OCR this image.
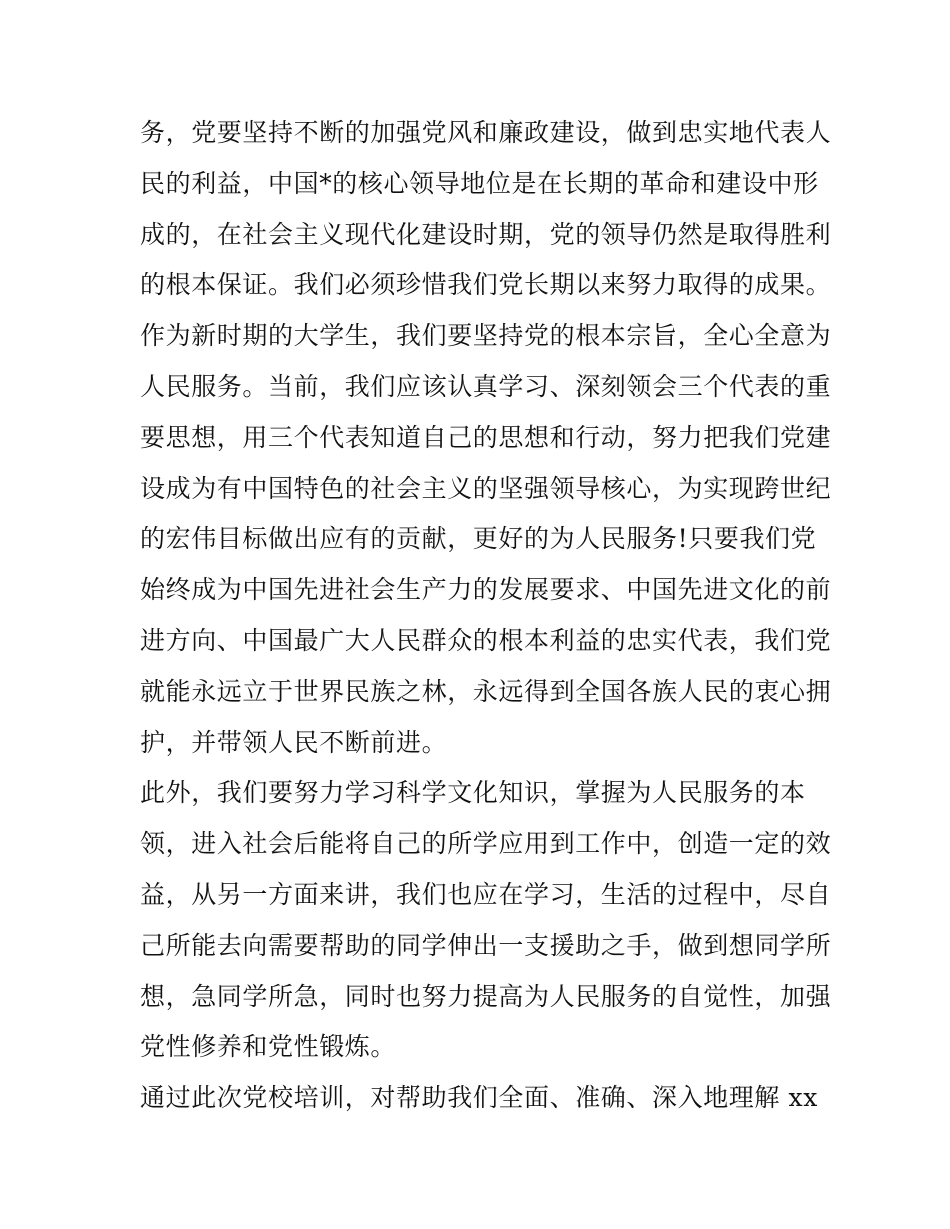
务，党要坚持不断的加强党风和廉政建设，做到忠实地代表人
民的利益，中国*的核心领导地位是在长期的革命和建设中形
成的，在社会主义现代化建设时期，党的领导仍然是取得胜利
的根本保证。我们必须珍惜我们党长期以来努力取得的成果。
作为新时期的大学生，我们要坚持党的根本宗旨，全心全意为
人民服务。当前，我们应该认真学习、深刻领会三个代表的重
要思想，用三个代表知道自己的思想和行动，努力把我们党建
设成为有中国特色的社会主义的坚强领导核心，为实现跨世纪
的宏伟目标做出应有的贡献，更好的为人民服务!只要我们党
始终成为中国先进社会生产力的发展要求、中国先进文化的前
进方向、中国最广大人民群众的根本利益的忠实代表，我们党
就能永远立于世界民族之林，永远得到全国各族人民的衷心拥
护，并带领人民不断前进。
此外，我们要努力学习科学文化知识，掌握为人民服务的本
领，进入社会后能将自己的所学应用到工作中，创造一定的效
益，从另一方面来讲，我们也应在学习，生活的过程中，尽自
己所能去向需要帮助的同学伸出一支援助之手，做到想同学所
想，急同学所急，同时也努力提高为人民服务的自觉性，加强
党性修养和党性锻炼。
通过此次党校培训，对帮助我们全面、准确、深入地理解 xx
